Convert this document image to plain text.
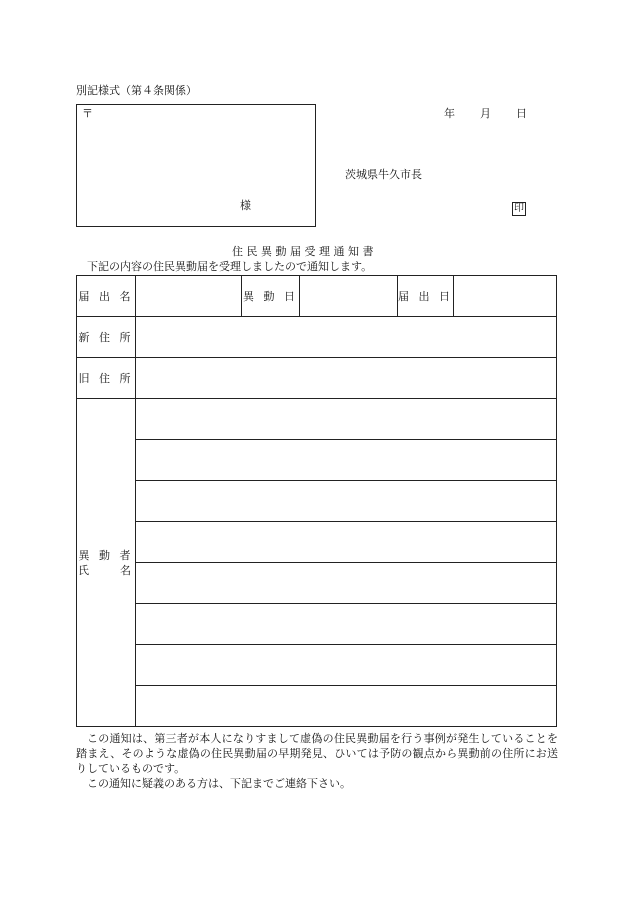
別記様式（第４条関係）
〒
様
年 月 日
茨城県牛久市長
印
住 民 異 動 届 受 理 通 知 書
下記の内容の住民異動届を受理しましたので通知します。
届 出 名		異 動 日		届 出 日	
新 住 所					
旧 住 所					

異 動 者
氏　　名					

この通知は、第三者が本人になりすまして虚偽の住民異動届を行う事例が発生していることを踏まえ、そのような虚偽の住民異動届の早期発見、ひいては予防の観点から異動前の住所にお送りしているものです。

この通知に疑義のある方は、下記までご連絡下さい。
